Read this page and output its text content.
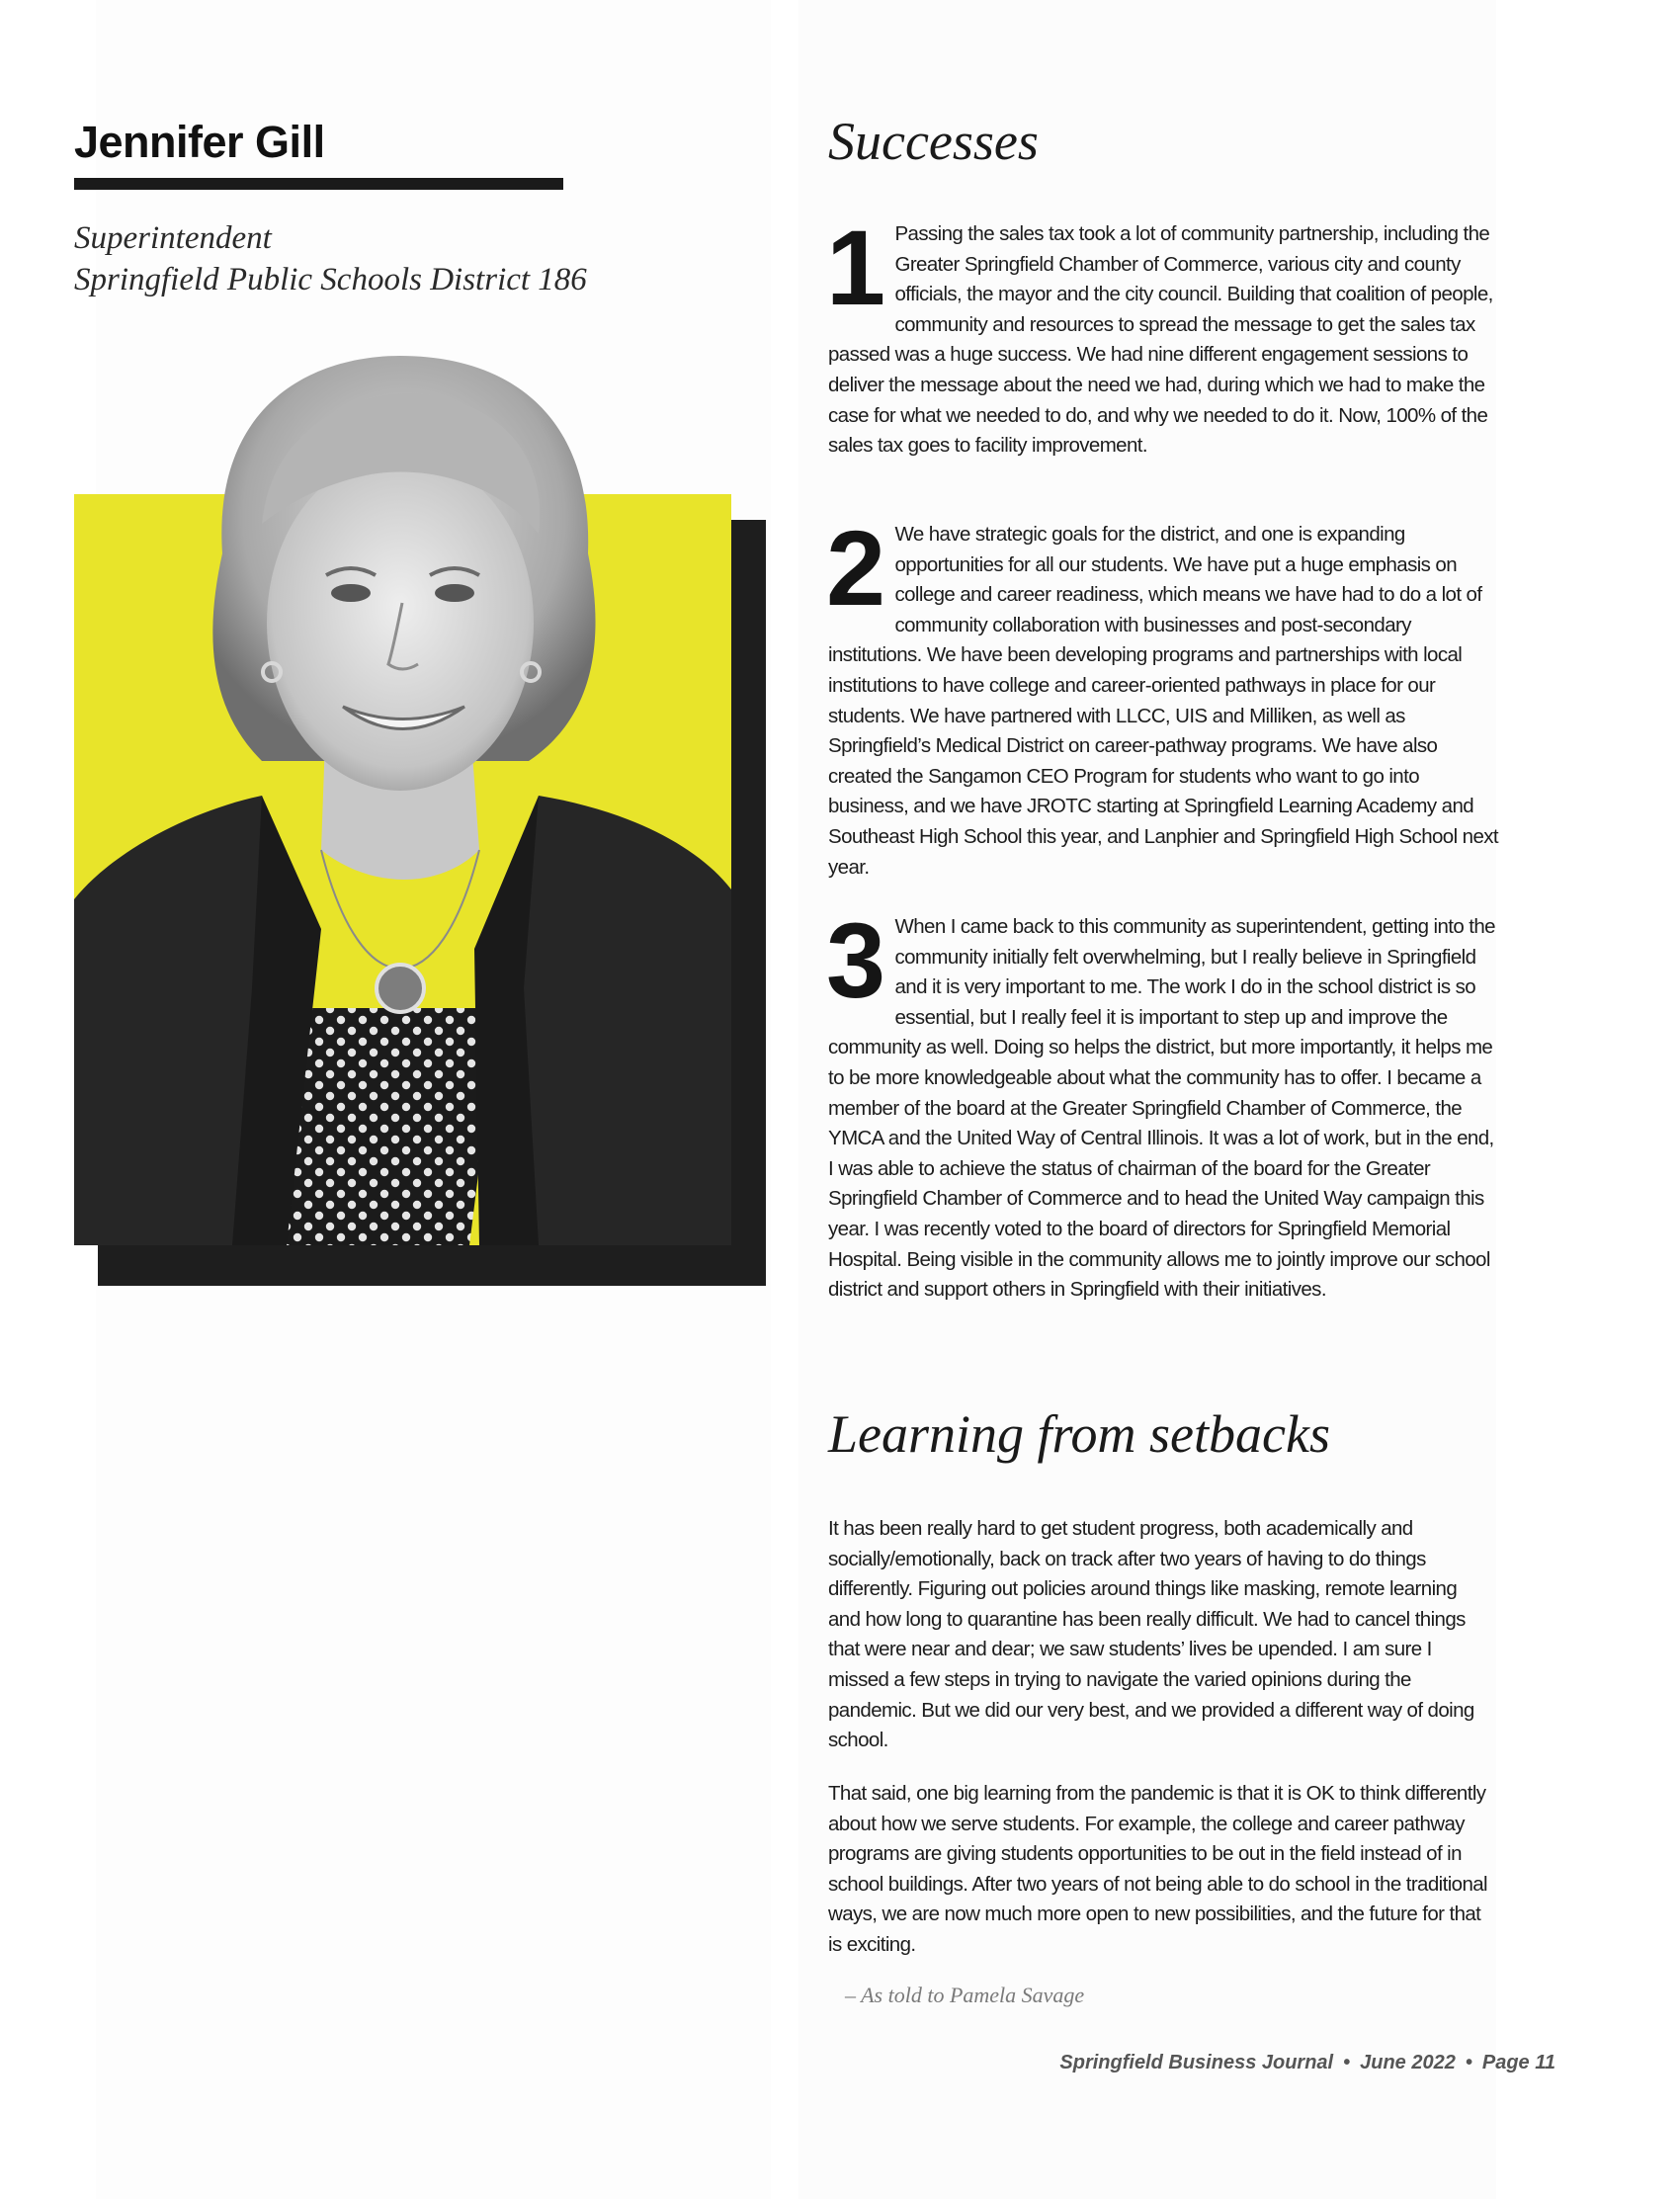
Jennifer Gill
Superintendent
Springfield Public Schools District 186
Successes
1 Passing the sales tax took a lot of community partnership, including the Greater Springfield Chamber of Commerce, various city and county officials, the mayor and the city council. Building that coalition of people, community and resources to spread the message to get the sales tax passed was a huge success. We had nine different engagement sessions to deliver the message about the need we had, during which we had to make the case for what we needed to do, and why we needed to do it. Now, 100% of the sales tax goes to facility improvement.
2 We have strategic goals for the district, and one is expanding opportunities for all our students. We have put a huge emphasis on college and career readiness, which means we have had to do a lot of community collaboration with businesses and post-secondary institutions. We have been developing programs and partnerships with local institutions to have college and career-oriented pathways in place for our students. We have partnered with LLCC, UIS and Milliken, as well as Springfield’s Medical District on career-pathway programs. We have also created the Sangamon CEO Program for students who want to go into business, and we have JROTC starting at Springfield Learning Academy and Southeast High School this year, and Lanphier and Springfield High School next year.
3 When I came back to this community as superintendent, getting into the community initially felt overwhelming, but I really believe in Springfield and it is very important to me. The work I do in the school district is so essential, but I really feel it is important to step up and improve the community as well. Doing so helps the district, but more importantly, it helps me to be more knowledgeable about what the community has to offer. I became a member of the board at the Greater Springfield Chamber of Commerce, the YMCA and the United Way of Central Illinois. It was a lot of work, but in the end, I was able to achieve the status of chairman of the board for the Greater Springfield Chamber of Commerce and to head the United Way campaign this year. I was recently voted to the board of directors for Springfield Memorial Hospital. Being visible in the community allows me to jointly improve our school district and support others in Springfield with their initiatives.
Learning from setbacks

It has been really hard to get student progress, both academically and socially/emotionally, back on track after two years of having to do things differently. Figuring out policies around things like masking, remote learning and how long to quarantine has been really difficult. We had to cancel things that were near and dear; we saw students’ lives be upended. I am sure I missed a few steps in trying to navigate the varied opinions during the pandemic. But we did our very best, and we provided a different way of doing school.

That said, one big learning from the pandemic is that it is OK to think differently about how we serve students. For example, the college and career pathway programs are giving students opportunities to be out in the field instead of in school buildings. After two years of not being able to do school in the traditional ways, we are now much more open to new possibilities, and the future for that is exciting.

– As told to Pamela Savage

Springfield Business Journal • June 2022 • Page 11
